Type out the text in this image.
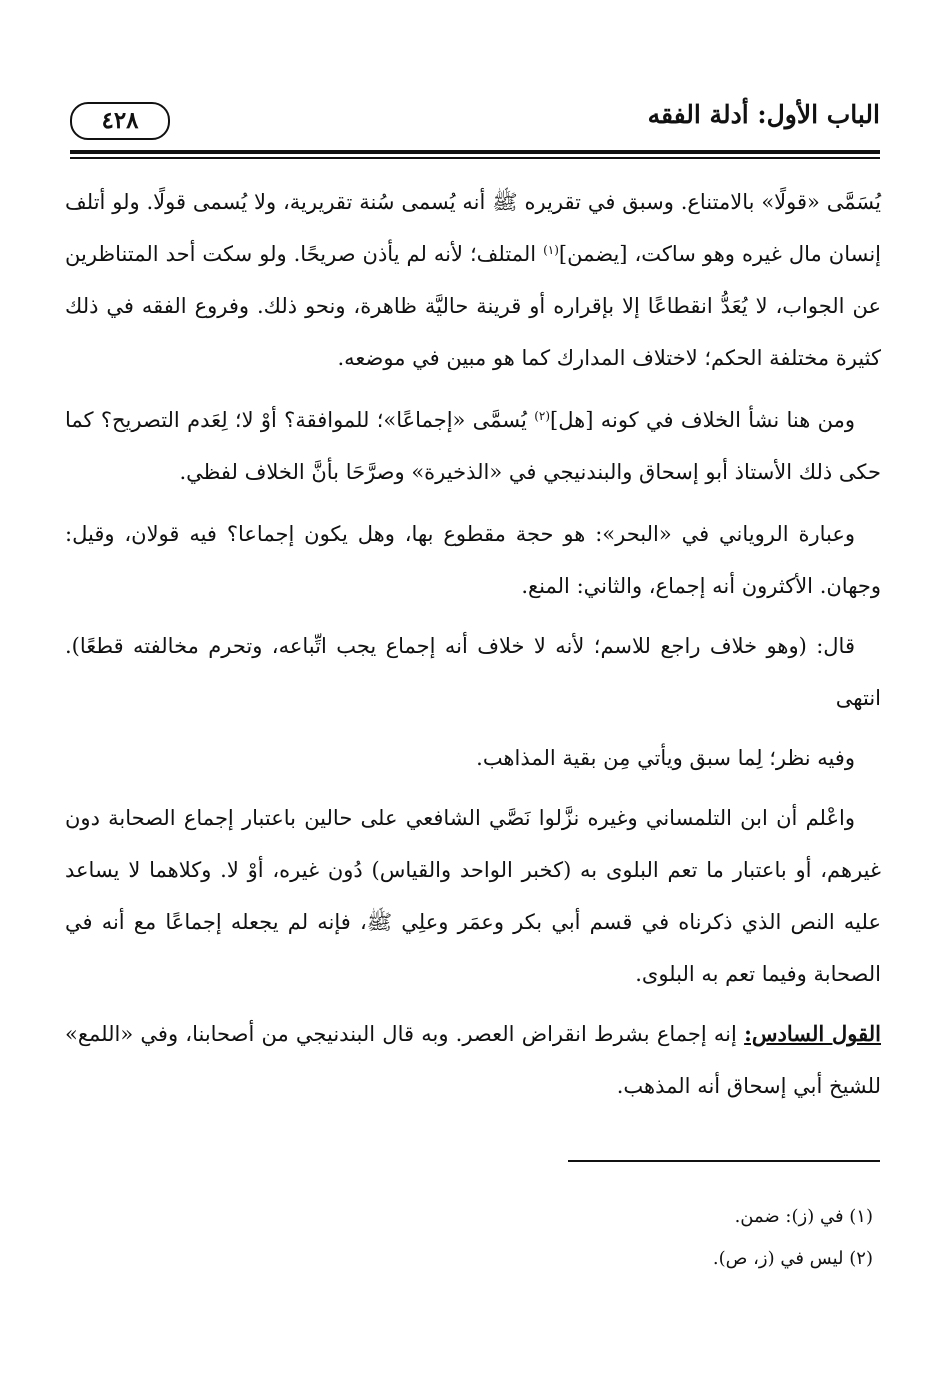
٤٢٨	الباب الأول: أدلة الفقه

يُسَمَّى «قولًا» بالامتناع. وسبق في تقريره ﷺ أنه يُسمى سُنة تقريرية، ولا يُسمى قولًا. ولو أتلف إنسان مال غيره وهو ساكت، [يضمن]$^{(١)}$ المتلف؛ لأنه لم يأذن صريحًا. ولو سكت أحد المتناظرين عن الجواب، لا يُعَدُّ انقطاعًا إلا بإقراره أو قرينة حاليَّة ظاهرة، ونحو ذلك. وفروع الفقه في ذلك كثيرة مختلفة الحكم؛ لاختلاف المدارك كما هو مبين في موضعه.

ومن هنا نشأ الخلاف في كونه [هل]$^{(٢)}$ يُسمَّى «إجماعًا»؛ للموافقة؟ أوْ لا؛ لِعَدم التصريح؟ كما حكى ذلك الأستاذ أبو إسحاق والبندنيجي في «الذخيرة» وصرَّحَا بأنَّ الخلاف لفظي.

وعبارة الروياني في «البحر»: هو حجة مقطوع بها، وهل يكون إجماعا؟ فيه قولان، وقيل: وجهان. الأكثرون أنه إجماع، والثاني: المنع.

قال: (وهو خلاف راجع للاسم؛ لأنه لا خلاف أنه إجماع يجب اتِّباعه، وتحرم مخالفته قطعًا). انتهى

وفيه نظر؛ لِما سبق ويأتي مِن بقية المذاهب.

واعْلم أن ابن التلمساني وغيره نزَّلوا نَصَّي الشافعي على حالين باعتبار إجماع الصحابة دون غيرهم، أو باعتبار ما تعم البلوى به (كخبر الواحد والقياس) دُون غيره، أوْ لا. وكلاهما لا يساعد عليه النص الذي ذكرناه في قسم أبي بكر وعمَر وعلِي ﷺ، فإنه لم يجعله إجماعًا مع أنه في الصحابة وفيما تعم به البلوى.

القول السادس: إنه إجماع بشرط انقراض العصر. وبه قال البندنيجي من أصحابنا، وفي «اللمع» للشيخ أبي إسحاق أنه المذهب.

(١) في (ز): ضمن.

(٢) ليس في (ز، ص).
